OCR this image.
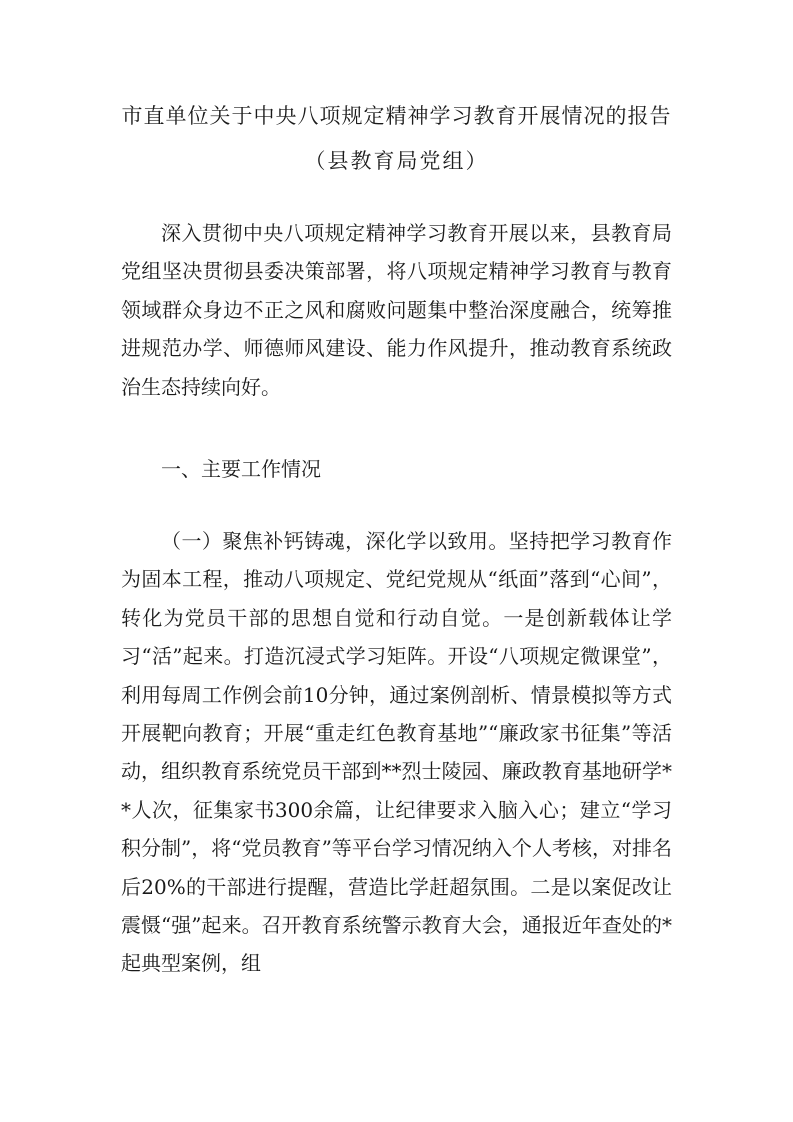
市直单位关于中央八项规定精神学习教育开展情况的报告
（县教育局党组）

深入贯彻中央八项规定精神学习教育开展以来，县教育局党组坚决贯彻县委决策部署，将八项规定精神学习教育与教育领域群众身边不正之风和腐败问题集中整治深度融合，统筹推进规范办学、师德师风建设、能力作风提升，推动教育系统政治生态持续向好。

一、主要工作情况

（一）聚焦补钙铸魂，深化学以致用。坚持把学习教育作为固本工程，推动八项规定、党纪党规从“纸面”落到“心间”，转化为党员干部的思想自觉和行动自觉。一是创新载体让学习“活”起来。打造沉浸式学习矩阵。开设“八项规定微课堂”，利用每周工作例会前10分钟，通过案例剖析、情景模拟等方式开展靶向教育；开展“重走红色教育基地”“廉政家书征集”等活动，组织教育系统党员干部到**烈士陵园、廉政教育基地研学**人次，征集家书300余篇，让纪律要求入脑入心；建立“学习积分制”，将“党员教育”等平台学习情况纳入个人考核，对排名后20%的干部进行提醒，营造比学赶超氛围。二是以案促改让震慑“强”起来。召开教育系统警示教育大会，通报近年查处的*起典型案例，组
